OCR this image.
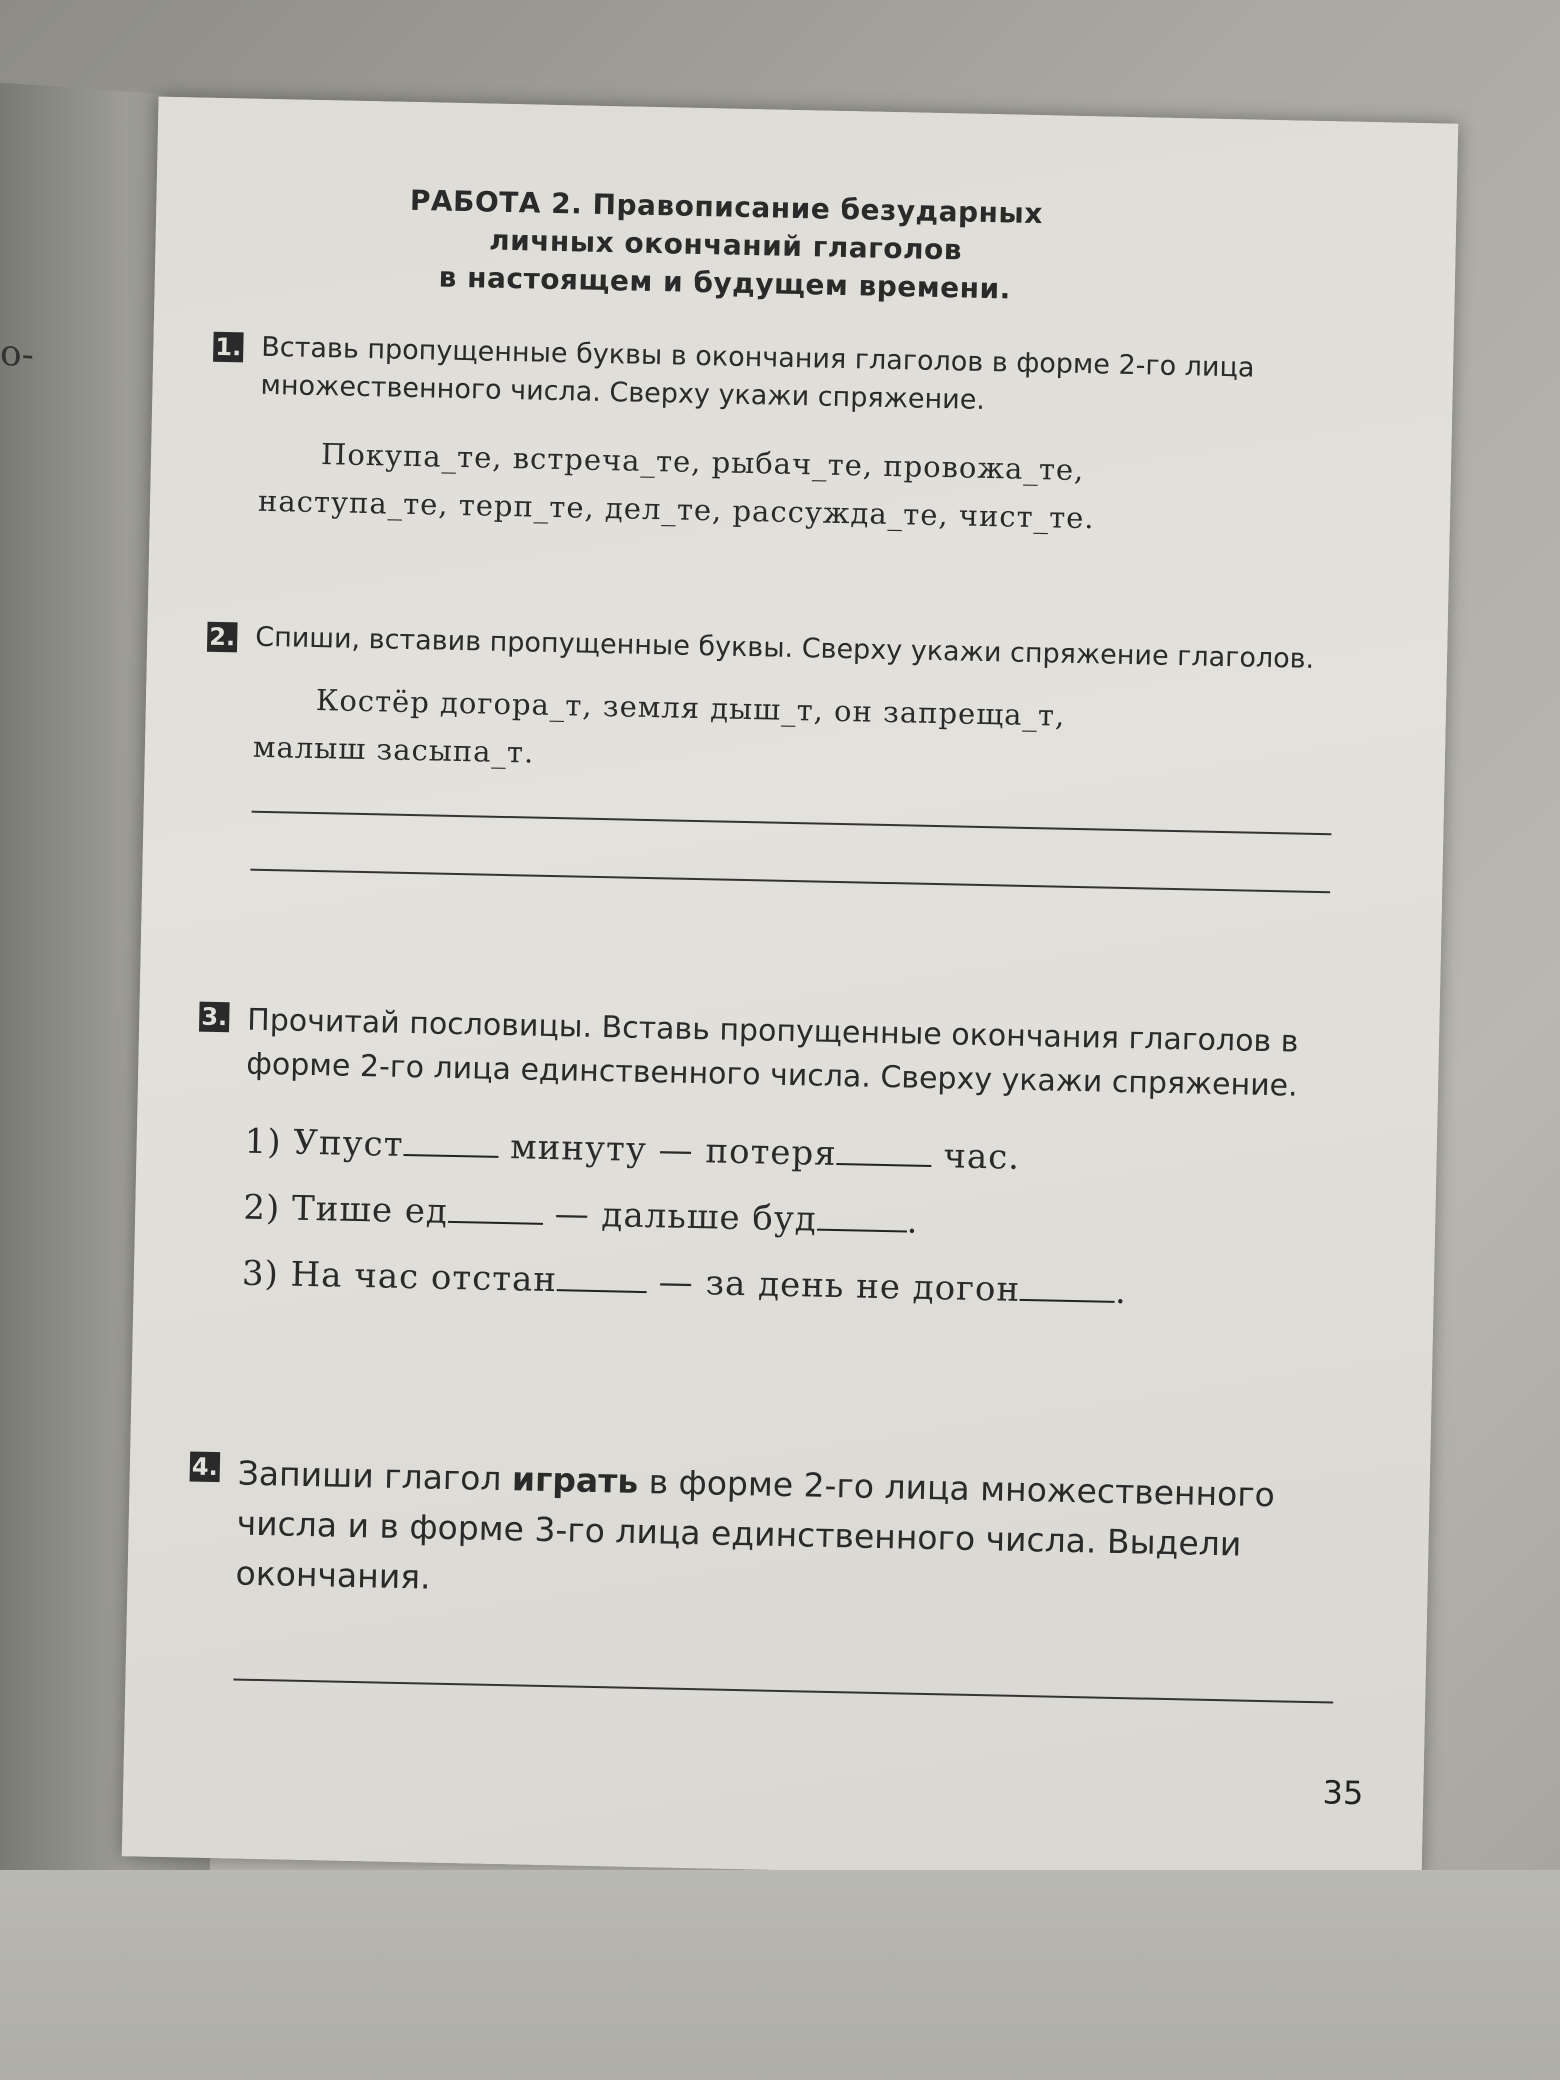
о-
РАБОТА 2. Правописание безударных
личных окончаний глаголов
в настоящем и будущем времени.
1. Вставь пропущенные буквы в окончания глаголов в форме 2-го лица множественного числа. Сверху укажи спряжение.
Покупа_те, встреча_те, рыбач_те, провожа_те,
наступа_те, терп_те, дел_те, рассужда_те, чист_те.
2. Спиши, вставив пропущенные буквы. Сверху укажи спряжение глаголов.
Костёр догора_т, земля дыш_т, он запреща_т,
малыш засыпа_т.
3. Прочитай пословицы. Вставь пропущенные окончания глаголов в форме 2-го лица единственного числа. Сверху укажи спряжение.
1) Упуст	минуту — потеря	час.
2) Тише ед	— дальше буд	.
3) На час отстан	— за день не догон	.
4. Запиши глагол играть в форме 2-го лица множественного числа и в форме 3-го лица единственного числа. Выдели окончания.
35
